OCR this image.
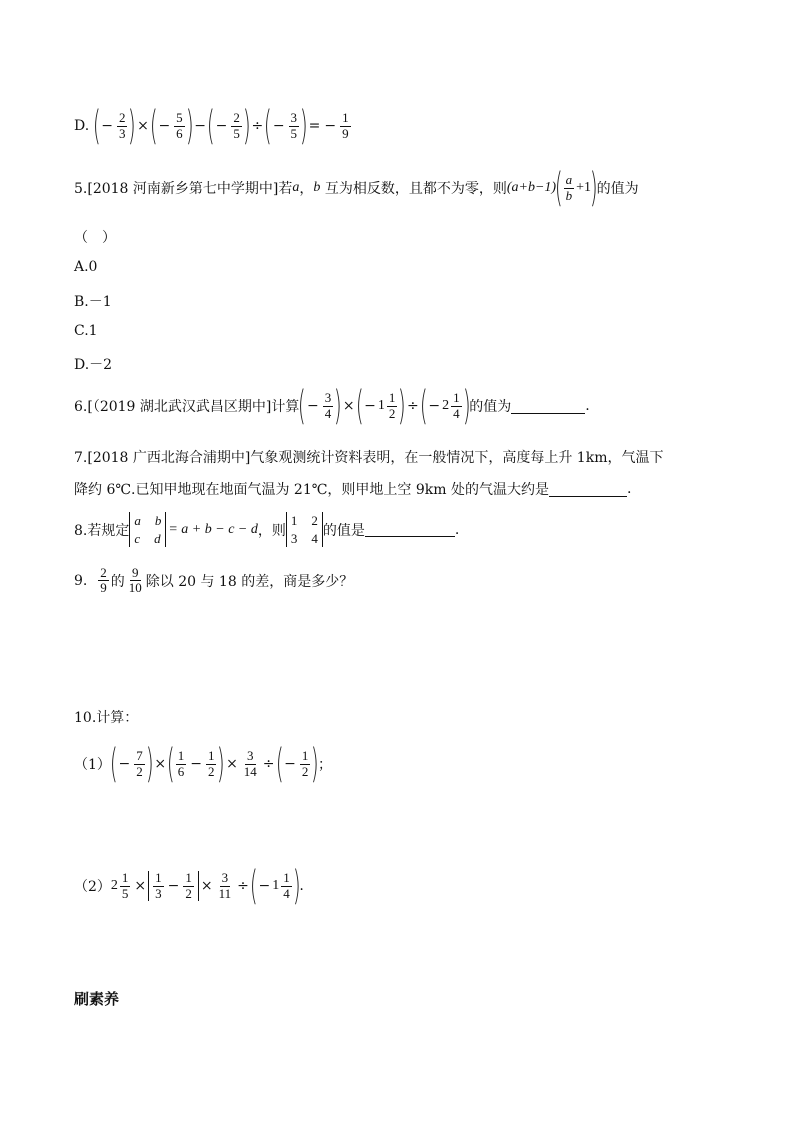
D.
( − $\frac{2}{3}$ ) × ( − $\frac{5}{6}$ ) − ( − $\frac{2}{5}$ ) ÷ ( − $\frac{3}{5}$ ) = − $\frac{1}{9}$
5.[2018 河南新乡第七中学期中]若 a ， b
互为相反数，且都不为零，则 (a+b−1)
( $\frac{a}{b} +1$
)
的值为
（　）
A.0
B.－1
C.1
D.－2
6.[（2019 湖北武汉武昌区期中]计算
( − $\frac{3}{4}$ ) × ( − $1 \frac{1}{2}$ ) ÷ ( − $2 \frac{1}{4}$ )
的值为	.
7.[2018 广西北海合浦期中]气象观测统计资料表明，在一般情况下，高度每上升 1km，气温下
降约 6℃.已知甲地现在地面气温为 21℃，则甲地上空 9km 处的气温大约是	.
8.若规定
a b
c d
= a + b − c − d ，则
1 2
3 4 的值是	.
9.
$\frac{2}{9}$ 的 $\frac{9}{10}$ 除以 20 与 18 的差，商是多少？
10.计算：
（1）
( − $\frac{7}{2}$ ) × ( $\frac{1}{6} - \frac{1}{2}$ ) × $\frac{3}{14}$ ÷ ( − $\frac{1}{2}$ )
；
（2） $2 \frac{1}{5} \times \frac{1}{3} - \frac{1}{2} \times \frac{3}{11}$ ÷ ( − $1 \frac{1}{4}$ )
.
刷素养
